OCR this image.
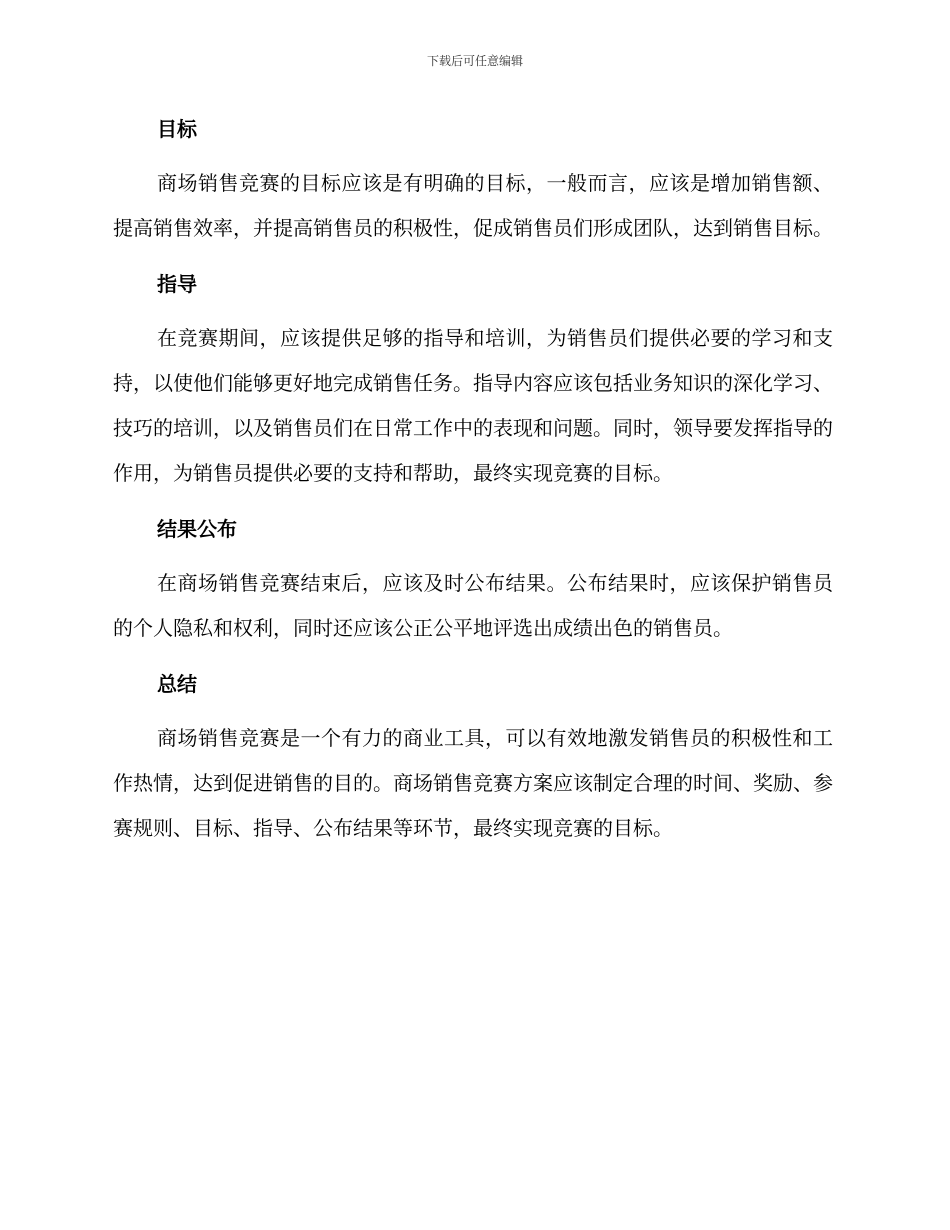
下载后可任意编辑
目标

商场销售竞赛的目标应该是有明确的目标，一般而言，应该是增加销售额、提高销售效率，并提高销售员的积极性，促成销售员们形成团队，达到销售目标。

指导

在竞赛期间，应该提供足够的指导和培训，为销售员们提供必要的学习和支持，以使他们能够更好地完成销售任务。指导内容应该包括业务知识的深化学习、技巧的培训，以及销售员们在日常工作中的表现和问题。同时，领导要发挥指导的作用，为销售员提供必要的支持和帮助，最终实现竞赛的目标。

结果公布

在商场销售竞赛结束后，应该及时公布结果。公布结果时，应该保护销售员的个人隐私和权利，同时还应该公正公平地评选出成绩出色的销售员。

总结

商场销售竞赛是一个有力的商业工具，可以有效地激发销售员的积极性和工作热情，达到促进销售的目的。商场销售竞赛方案应该制定合理的时间、奖励、参赛规则、目标、指导、公布结果等环节，最终实现竞赛的目标。
